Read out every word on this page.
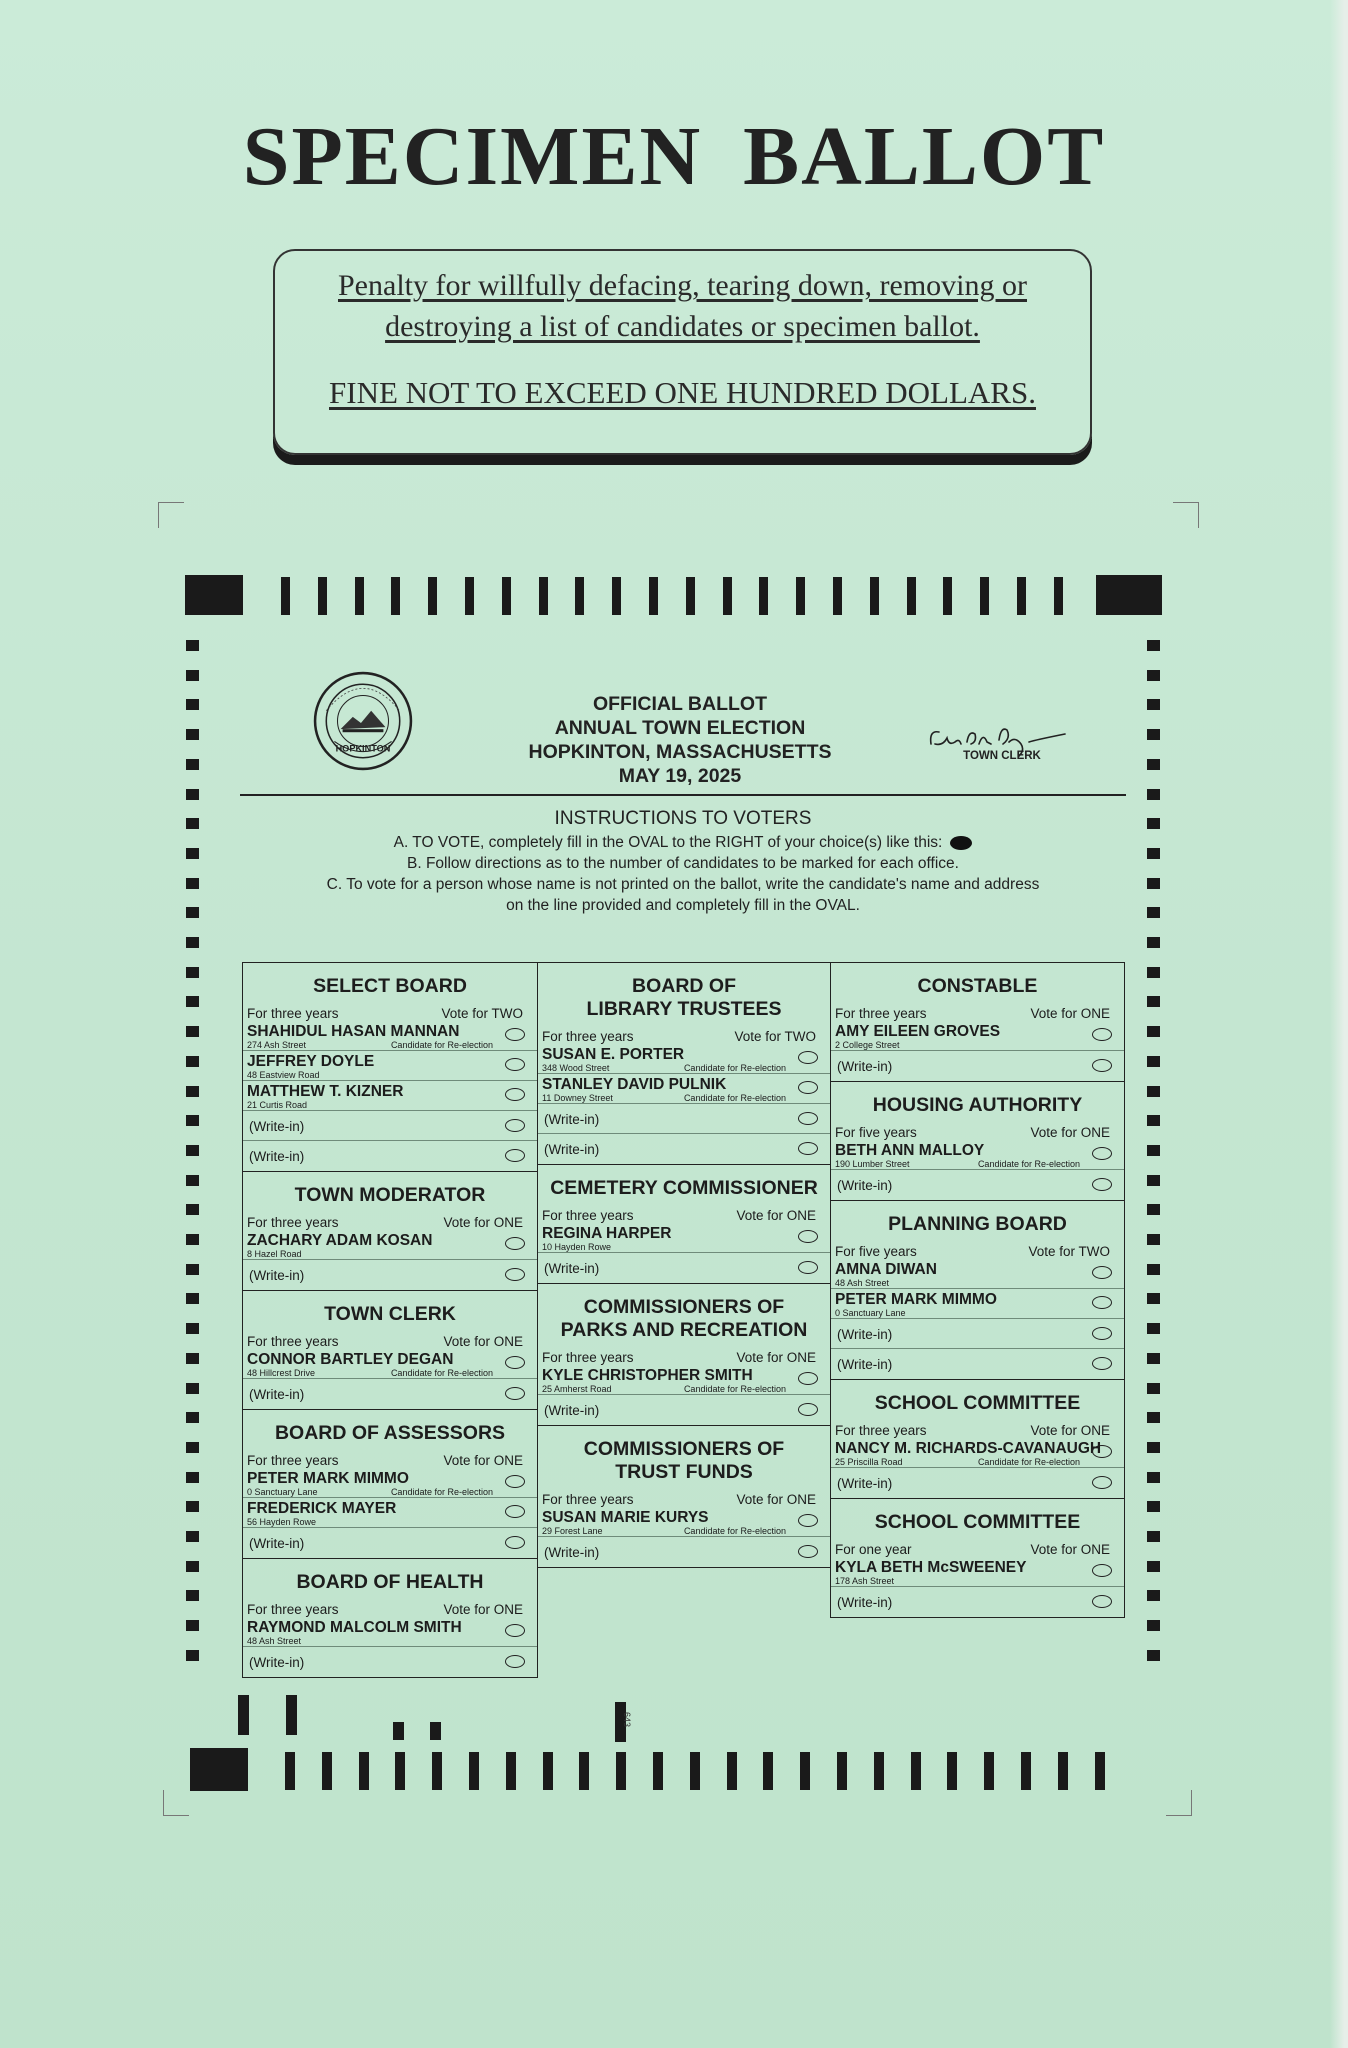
SPECIMEN BALLOT
Penalty for willfully defacing, tearing down, removing or destroying a list of candidates or specimen ballot.
FINE NOT TO EXCEED ONE HUNDRED DOLLARS.
HOPKINTON
OFFICIAL BALLOT
ANNUAL TOWN ELECTION
HOPKINTON, MASSACHUSETTS
MAY 19, 2025
TOWN CLERK
INSTRUCTIONS TO VOTERS
A. TO VOTE, completely fill in the OVAL to the RIGHT of your choice(s) like this:
B. Follow directions as to the number of candidates to be marked for each office.
C. To vote for a person whose name is not printed on the ballot, write the candidate's name and address
on the line provided and completely fill in the OVAL.
SELECT BOARD
For three years	Vote for TWO
SHAHIDUL HASAN MANNAN
274 Ash Street	Candidate for Re-election
JEFFREY DOYLE
48 Eastview Road
MATTHEW T. KIZNER
21 Curtis Road
(Write-in)
(Write-in)
TOWN MODERATOR
For three years	Vote for ONE
ZACHARY ADAM KOSAN
8 Hazel Road
(Write-in)
TOWN CLERK
For three years	Vote for ONE
CONNOR BARTLEY DEGAN
48 Hillcrest Drive	Candidate for Re-election
(Write-in)
BOARD OF ASSESSORS
For three years	Vote for ONE
PETER MARK MIMMO
0 Sanctuary Lane	Candidate for Re-election
FREDERICK MAYER
56 Hayden Rowe
(Write-in)
BOARD OF HEALTH
For three years	Vote for ONE
RAYMOND MALCOLM SMITH
48 Ash Street
(Write-in)
BOARD OF
LIBRARY TRUSTEES
For three years	Vote for TWO
SUSAN E. PORTER
348 Wood Street	Candidate for Re-election
STANLEY DAVID PULNIK
11 Downey Street	Candidate for Re-election
(Write-in)
(Write-in)
CEMETERY COMMISSIONER
For three years	Vote for ONE
REGINA HARPER
10 Hayden Rowe
(Write-in)
COMMISSIONERS OF
PARKS AND RECREATION
For three years	Vote for ONE
KYLE CHRISTOPHER SMITH
25 Amherst Road	Candidate for Re-election
(Write-in)
COMMISSIONERS OF
TRUST FUNDS
For three years	Vote for ONE
SUSAN MARIE KURYS
29 Forest Lane	Candidate for Re-election
(Write-in)
CONSTABLE
For three years	Vote for ONE
AMY EILEEN GROVES
2 College Street
(Write-in)
HOUSING AUTHORITY
For five years	Vote for ONE
BETH ANN MALLOY
190 Lumber Street	Candidate for Re-election
(Write-in)
PLANNING BOARD
For five years	Vote for TWO
AMNA DIWAN
48 Ash Street
PETER MARK MIMMO
0 Sanctuary Lane
(Write-in)
(Write-in)
SCHOOL COMMITTEE
For three years	Vote for ONE
NANCY M. RICHARDS-CAVANAUGH
25 Priscilla Road	Candidate for Re-election
(Write-in)
SCHOOL COMMITTEE
For one year	Vote for ONE
KYLA BETH McSWEENEY
178 Ash Street
(Write-in)
643
